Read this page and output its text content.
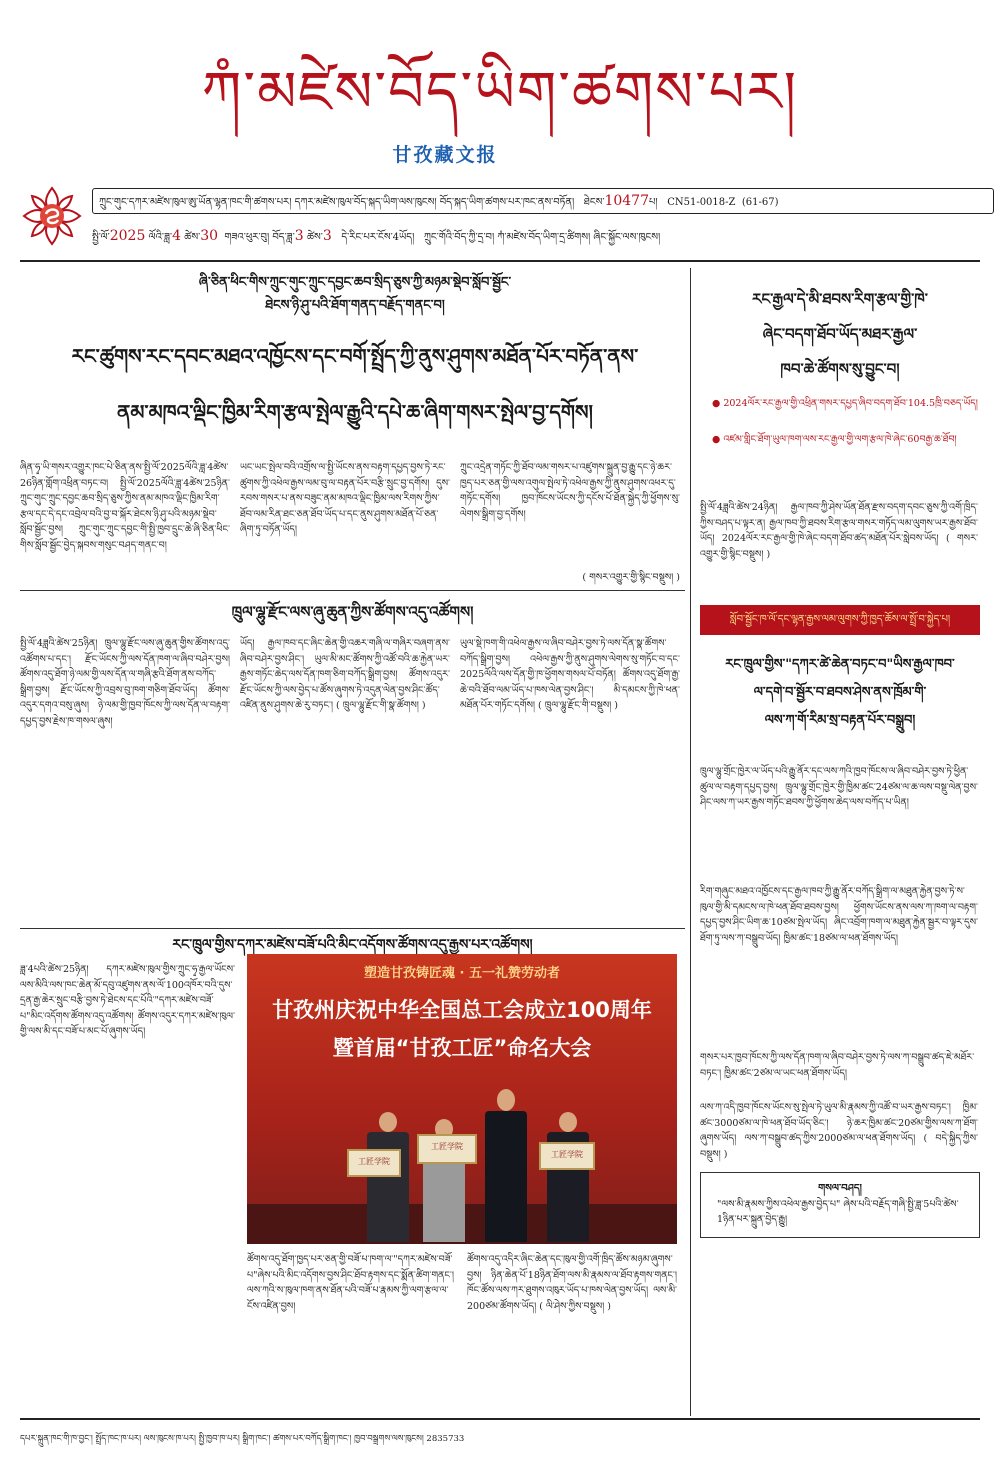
ཀཾ་མཛེས་བོད་ཡིག་ཚགས་པར།
甘孜藏文报
ཀྲུང་གུང་དཀར་མཛེས་ཁུལ་ཨུ་ཡོན་ལྷན་ཁང་གི་ཚགས་པར། དཀར་མཛེས་ཁུལ་བོད་སྐད་ཡིག་ལས་ཁུངས། བོད་སྐད་ཡིག་ཚགས་པར་ཁང་ནས་བཏོན། ཐེངས་10477པ། CN51-0018-Z  (61-67)
སྤྱི་ལོ་2025 ལོའི་ཟླ་4 ཚེས་30 གཟའ་ཕུར་བུ། བོད་ཟླ་3 ཚེས་3 དེ་རིང་པར་ངོས་4ཡོད། ཀྲུང་གོའི་བོད་ཀྱི་དྲ་བ། ཀཾ་མཛེས་བོད་ཡིག་དྲ་ཚིགས། ཞིང་སྐྱོང་ལས་ཁུངས།
ཞི་ཅིན་ཕིང་གིས་ཀྲུང་གུང་ཀྲུང་དབྱང་ཆབ་སྲིད་ཅུས་ཀྱི་མཉམ་སྡེབ་སློབ་སྦྱོང་
ཐེངས་ཉི་ཤུ་པའི་ཐོག་གནད་བརྗོད་གནང་བ།
རང་ཚུགས་རང་དབང་མཐའ་འཁྱོངས་དང་བགོ་སྤྲོད་ཀྱི་ནུས་ཤུགས་མཐོན་པོར་བཏོན་ནས་
ནམ་མཁའ་ལྡིང་ཁྱིམ་རིག་རྩལ་སྤེལ་རྒྱུའི་དཔེ་ཆ་ཞིག་གསར་སྤེལ་བྱ་དགོས།
ཞིན་ཧྭ་ཡི་གསར་འགྱུར་ཁང་པེ་ཅིན་ནས་སྤྱི་ལོ་2025ལོའི་ཟླ་4ཚེས་26ཉིན་གློག་འཕྲིན་བཏང་བ། སྤྱི་ལོ་2025ལོའི་ཟླ་4ཚེས་25ཉིན་ཀྲུང་གུང་ཀྲུང་དབྱང་ཆབ་སྲིད་ཅུས་ཀྱིས་ནམ་མཁའ་ལྡིང་ཁྱིམ་རིག་རྩལ་དང་དེ་དང་འབྲེལ་བའི་བྱ་བ་སྐོར་ཐེངས་ཉི་ཤུ་པའི་མཉམ་སྡེབ་སློབ་སྦྱོང་བྱས། ཀྲུང་གུང་ཀྲུང་དབྱང་གི་སྤྱི་ཁྱབ་དྲུང་ཆེ་ཞི་ཅིན་ཕིང་གིས་སློབ་སྦྱོང་བྱེད་སྐབས་གསུང་བཤད་གནང་བ།
ཡང་ཡང་སྤེལ་བའི་འགྲོས་ལ་སྤྱི་ཡོངས་ནས་བརྟག་དཔྱད་བྱས་ཏེ་རང་ཚུགས་ཀྱི་འཕེལ་རྒྱས་ལམ་བུ་ལ་བརྟན་པོར་བརྩི་སྲུང་བྱ་དགོས། དུས་རབས་གསར་པ་ནས་བཟུང་ནམ་མཁའ་ལྡིང་ཁྱིམ་ལས་རིགས་ཀྱིས་ཐོབ་ལམ་རིན་ཐང་ཅན་ཐོབ་ཡོད་པ་དང་ནུས་ཤུགས་མཐོན་པོ་ཅན་ཞིག་ཏུ་བཏོན་ཡོད།
ཀྲུང་འདྲེན་གཏོང་ཀྱི་ཐོབ་ལམ་གསར་པ་འཛུགས་སྐྲུན་བྱ་རྒྱུ་དང་ཉེ་ཆར་ཁྱད་པར་ཅན་གྱི་ལས་འགུལ་སྤེལ་ཏེ་འཕེལ་རྒྱས་ཀྱི་ནུས་ཤུགས་འཕར་དུ་གཏོང་དགོས། ཁྱབ་ཁོངས་ཡོངས་ཀྱི་དངོས་པོ་ཐོན་སྐྱེད་ཀྱི་ཕྱོགས་སུ་ལེགས་སྒྲིག་བྱ་དགོས།
( གསར་འགྱུར་གྱི་སྙིང་བསྡུས། )
ཁྲུལ་ལྷུ་རྫོང་ལས་ཞུ་ཆུན་ཀྱིས་ཚོགས་འདུ་འཚོགས།
སྤྱི་ལོ་4ཟླའི་ཚེས་25ཉིན། ཁྲུལ་ལྷུ་རྫོང་ལས་ཞུ་ཆུན་གྱིས་ཚོགས་འདུ་འཚོགས་པ་དང་། རྫོང་ཡོངས་ཀྱི་ལས་དོན་ཁག་ལ་ཞིབ་བཤེར་བྱས། ཚོགས་འདུ་ཐོག་ཉེ་ལམ་གྱི་ལས་དོན་ལ་གཞི་རྩའི་ཐོག་ནས་བཀོད་སྒྲིག་བྱས། རྫོང་ཡོངས་ཀྱི་འབྲས་བུ་ཁག་གཅིག་ཐོབ་ཡོད། ཚོགས་འདུར་དགའ་བསུ་ཞུས། ཉེ་ལམ་གྱི་ཁྱབ་ཁོངས་ཀྱི་ལས་དོན་ལ་བརྟག་དཔྱད་བྱས་རྗེས་ཁ་གསལ་ཞུས།
ཡོད། རྒྱལ་ཁབ་དང་ཞིང་ཆེན་གྱི་འཆར་གཞི་ལ་གཞིར་བཞག་ནས་ཞིབ་བཤེར་བྱས་ཤིང་། ཡུལ་མི་མང་ཚོགས་ཀྱི་འཚོ་བའི་ཆ་རྐྱེན་ཡར་རྒྱས་གཏོང་ཆེད་ལས་དོན་ཁག་ཅིག་བཀོད་སྒྲིག་བྱས། ཚོགས་འདུར་རྫོང་ཡོངས་ཀྱི་ལས་བྱེད་པ་ཚོས་ཞུགས་ཏེ་འདུན་ལེན་བྱས་ཤིང་ཚོད་འཛིན་ནུས་ཤུགས་ཆེ་རུ་བཏང་། ( ཁྲུལ་ལྷུ་རྫོང་གི་སྣ་ཚོགས། )
ཡུལ་སྡེ་ཁག་གི་འཕེལ་རྒྱས་ལ་ཞིབ་བཤེར་བྱས་ཏེ་ལས་དོན་སྣ་ཚོགས་བཀོད་སྒྲིག་བྱས། འཕེལ་རྒྱས་ཀྱི་ནུས་ཤུགས་ལེགས་སུ་གཏོང་བ་དང་2025ལོའི་ལས་དོན་གྱི་ཁ་ཕྱོགས་གསལ་པོ་བཏོན། ཚོགས་འདུ་ཐོག་རྒྱ་ཆེ་བའི་ཐོབ་ལམ་ཡོད་པ་ཁས་ལེན་བྱས་ཤིང་། མི་དམངས་ཀྱི་ཁེ་ཕན་མཐོན་པོར་གཏོང་དགོས། ( ཁྲུལ་ལྷུ་རྫོང་གི་བསྡུས། )
རང་ཁྲུལ་གྱིས་དཀར་མཛེས་བཟོ་པའི་མིང་འདོགས་ཚོགས་འདུ་རྒྱས་པར་འཚོགས།
ཟླ་4པའི་ཚེས་25ཉིན། དཀར་མཛེས་ཁུལ་གྱིས་ཀྲུང་ཧྭ་རྒྱལ་ཡོངས་ལས་མིའི་ལས་ཁང་ཆེན་མོ་དབུ་འཛུགས་ནས་ལོ་100འཁོར་བའི་དུས་དྲན་རྒྱ་ཆེར་སྲུང་བརྩི་བྱས་ཏེ་ཐེངས་དང་པོའི་"དཀར་མཛེས་བཟོ་པ"མིང་འདོགས་ཚོགས་འདུ་འཚོགས། ཚོགས་འདུར་དཀར་མཛེས་ཁུལ་གྱི་ལས་མི་དང་བཟོ་པ་མང་པོ་ཞུགས་ཡོད།
ཚོགས་འདུ་ཐོག་ཁྱད་པར་ཅན་གྱི་བཟོ་པ་ཁག་ལ་"དཀར་མཛེས་བཟོ་པ"ཞེས་པའི་མིང་འདོགས་བྱས་ཤིང་ཐོབ་རྟགས་དང་སྨོན་ཚིག་གནང་། ལས་ཀའི་ས་ཁུལ་ཁག་ནས་ཐོན་པའི་བཟོ་པ་རྣམས་ཀྱི་ལག་རྩལ་ལ་ངོས་འཛིན་བྱས།
ཚོགས་འདུ་འདིར་ཞིང་ཆེན་དང་ཁུལ་གྱི་འགོ་ཁྲིད་ཚོས་མཉམ་ཞུགས་བྱས། ཉིན་ཆེན་པོ་18ཉིན་ཐོག་ལས་མི་རྣམས་ལ་ཐོབ་རྟགས་གནང་། ཁོང་ཚོས་ལས་ཀར་ཐུགས་འཁུར་ཡོད་པ་ཁས་ལེན་བྱས་ཡོད། ལས་མི་200ཙམ་ཚོགས་ཡོད། ( ལི་ཤེས་ཀྱིས་བསྡུས། )
塑造甘孜铸匠魂 · 五一礼赞劳动者
甘孜州庆祝中华全国总工会成立100周年
暨首届“甘孜工匠”命名大会
工匠学院
工匠学院
工匠学院
རང་རྒྱལ་དེ་མི་ཐབས་རིག་རྩལ་གྱི་ཁེ་
ཞེང་བདག་ཐོབ་ཡོད་མཐར་རྒྱལ་
ཁབ་ཆེ་ཚོགས་སུ་བྱུང་བ།
● 2024ལོར་རང་རྒྱལ་གྱི་འཕྲིན་གསར་དཔྱད་ཞིབ་བདག་ཐོབ་104.5ཁྲི་བཅད་ཡོད།
● འཛམ་གླིང་ཐོག་ཡུལ་ཁག་ལས་རང་རྒྱལ་གྱི་ལག་རྩལ་ཁེ་ཞེང་60བརྒྱ་ཆ་ཐོབ།
སྤྱི་ལོ་4ཟླའི་ཚེས་24ཉིན། རྒྱལ་ཁབ་ཀྱི་ཤེས་ཡོན་ཐོན་རྫས་བདག་དབང་ཅུས་ཀྱི་འགོ་ཁྲིད་ཀྱིས་བཤད་པ་ལྟར་ན། རྒྱལ་ཁབ་ཀྱི་ཐབས་རིག་རྩལ་གསར་གཏོད་ལམ་ལུགས་ཡར་རྒྱས་ཐོབ་ཡོད། 2024ལོར་རང་རྒྱལ་གྱི་ཁེ་ཞེང་བདག་ཐོབ་ཚད་མཐོན་པོར་སླེབས་ཡོད། ( གསར་འགྱུར་གྱི་སྙིང་བསྡུས། )
སློབ་སྦྱོང་ཁ་ལོ་དང་ལྷན་རྒྱས་ལམ་ལུགས་ཀྱི་ཁྱད་ཆོས་ལ་སྤྲོ་བ་སྐྱེད་པ།
རང་ཁྲུལ་གྱིས་"དཀར་ཚེ་ཆེན་བཏང་བ"ཡིས་རྒྱལ་ཁབ་
ལ་དགེ་བ་སྦྱོར་བ་ཐབས་ཤེས་ནས་ཁྲོམ་གི་
ལས་ཀ་གོ་རིམ་སྲ་བརྟན་པོར་བསྒྲུབ།
ཁྲུལ་ལྷུ་གྲོང་ཁྱེར་ལ་ཡོད་པའི་རྒྱུ་ནོར་དང་ལས་ཀའི་ཁྱབ་ཁོངས་ལ་ཞིབ་བཤེར་བྱས་ཏེ་ཕྱིན་ཚུལ་ལ་བརྟག་དཔྱད་བྱས། ཁྲུལ་ལྷུ་གྲོང་ཁྱེར་གྱི་ཁྱིམ་ཚང་24ཙམ་ལ་ཆ་ལས་བསྡུ་ལེན་བྱས་ཤིང་ལས་ཀ་ཡར་རྒྱས་གཏོང་ཐབས་ཀྱི་ཕྱོགས་ཆེད་ལས་བཀོད་པ་ཡིན།
རིག་གཞུང་མཐའ་འཁྱོངས་དང་རྒྱལ་ཁབ་ཀྱི་རྒྱུ་ནོར་བཀོད་སྒྲིག་ལ་མཐུན་རྐྱེན་བྱས་ཏེ་ས་ཁུལ་གྱི་མི་དམངས་ལ་ཁེ་ཕན་ཐོབ་ཐབས་བྱས། ཕྱོགས་ཡོངས་ནས་ལས་ཀ་ཁག་ལ་བརྟག་དཔྱད་བྱས་ཤིང་ཡིག་ཆ་10ཙམ་སྤེལ་ཡོད། ཞིང་འབྲོག་ཁག་ལ་མཐུན་རྐྱེན་སྦྱར་བ་ལྟར་དུས་ཐོག་ཏུ་ལས་ཀ་བསྒྲུབ་ཡོད། ཁྱིམ་ཚང་18ཙམ་ལ་ཕན་ཐོགས་ཡོད།
གསར་པར་ཁྱབ་ཁོངས་ཀྱི་ལས་དོན་ཁག་ལ་ཞིབ་བཤེར་བྱས་ཏེ་ལས་ཀ་བསྒྲུབ་ཚད་ཇེ་མཐོར་བཏང་། ཁྱིམ་ཚང་2ཙམ་ལ་ཡང་ཕན་ཐོགས་ཡོད།
ལས་ཀ་འདི་ཁྱབ་ཁོངས་ཡོངས་སུ་སྤེལ་ཏེ་ཡུལ་མི་རྣམས་ཀྱི་འཚོ་བ་ཡར་རྒྱས་བཏང་། ཁྱིམ་ཚང་3000ཙམ་ལ་ཁེ་ཕན་ཐོབ་ཡོད་ཅིང་། ཉེ་ཆར་ཁྱིམ་ཚང་20ཙམ་གྱིས་ལས་ཀ་ཐོག་ཞུགས་ཡོད། ལས་ཀ་བསྒྲུབ་ཚད་ཀྱིས་2000ཙམ་ལ་ཕན་ཐོགས་ཡོད། ( བདེ་སྐྱིད་ཀྱིས་བསྡུས། )
གསལ་བཤད།
"ལས་མི་རྣམས་ཀྱིས་འཕེལ་རྒྱས་བྱེད་པ" ཞེས་པའི་བརྗོད་གཞི་སྤྱི་ཟླ་5པའི་ཚེས་1ཉིན་པར་སྐྲུན་བྱེད་རྒྱུ།
དཔར་སྐྲུན་ཁང་གི་ཁ་བྱང་། སྤྲོད་ཁང་ཁ་པར། ལས་ཁུངས་ཁ་པར། སྤྱི་ཁྱབ་ཁ་པར། སྒྲིག་ཁང་། ཚགས་པར་བཀོད་སྒྲིག་ཁང་། ཁྱབ་བསྒྲགས་ལས་ཁུངས། 2835733
